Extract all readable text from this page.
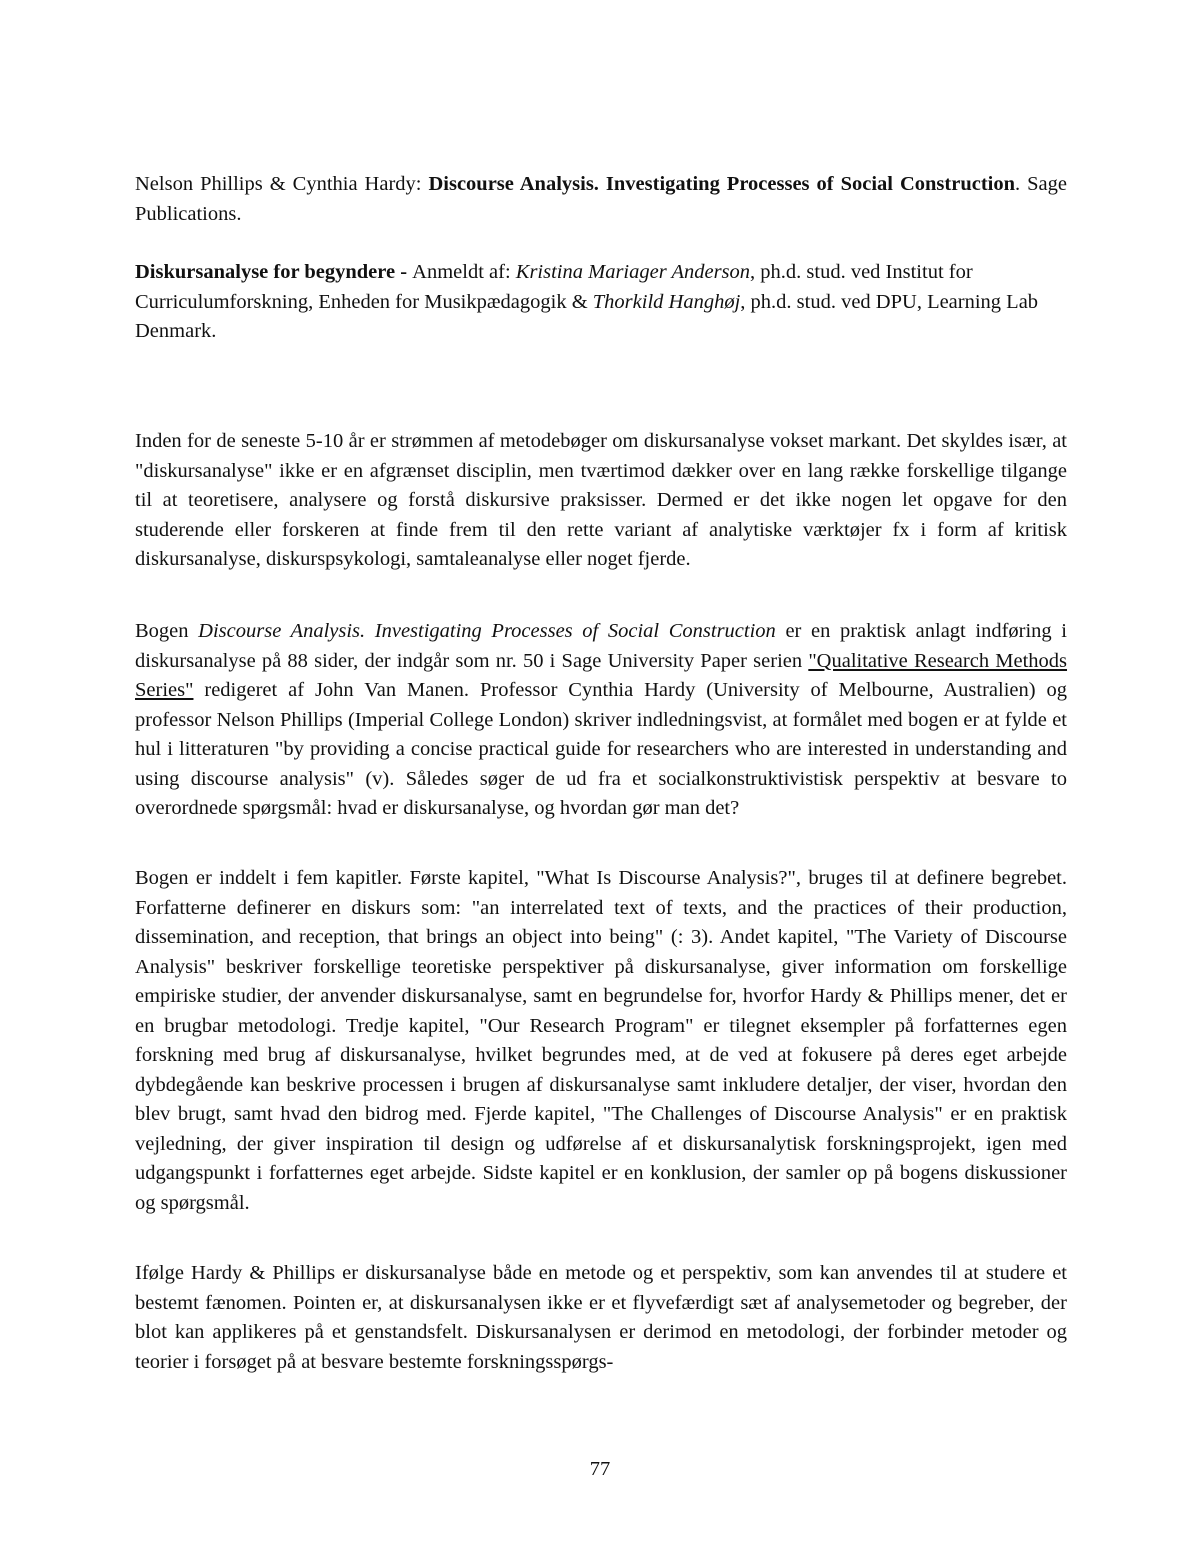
Nelson Phillips & Cynthia Hardy: Discourse Analysis. Investigating Processes of Social Construction. Sage Publications.

Diskursanalyse for begyndere - Anmeldt af: Kristina Mariager Anderson, ph.d. stud. ved Institut for Curriculumforskning, Enheden for Musikpædagogik & Thorkild Hanghøj, ph.d. stud. ved DPU, Learning Lab Denmark.

Inden for de seneste 5-10 år er strømmen af metodebøger om diskursanalyse vokset markant. Det skyldes især, at "diskursanalyse" ikke er en afgrænset disciplin, men tværtimod dækker over en lang række forskellige tilgange til at teoretisere, analysere og forstå diskursive praksisser. Dermed er det ikke nogen let opgave for den studerende eller forskeren at finde frem til den rette variant af analytiske værktøjer fx i form af kritisk diskursanalyse, diskurspsykologi, samtaleanalyse eller noget fjerde.

Bogen Discourse Analysis. Investigating Processes of Social Construction er en praktisk anlagt indføring i diskursanalyse på 88 sider, der indgår som nr. 50 i Sage University Paper serien "Qualitative Research Methods Series" redigeret af John Van Manen. Professor Cynthia Hardy (University of Melbourne, Australien) og professor Nelson Phillips (Imperial College London) skriver indledningsvist, at formålet med bogen er at fylde et hul i litteraturen "by providing a concise practical guide for researchers who are interested in understanding and using discourse analysis" (v). Således søger de ud fra et socialkonstruktivistisk perspektiv at besvare to overordnede spørgsmål: hvad er diskursanalyse, og hvordan gør man det?

Bogen er inddelt i fem kapitler. Første kapitel, "What Is Discourse Analysis?", bruges til at definere begrebet. Forfatterne definerer en diskurs som: "an interrelated text of texts, and the practices of their production, dissemination, and reception, that brings an object into being" (: 3). Andet kapitel, "The Variety of Discourse Analysis" beskriver forskellige teoretiske perspektiver på diskursanalyse, giver information om forskellige empiriske studier, der anvender diskursanalyse, samt en begrundelse for, hvorfor Hardy & Phillips mener, det er en brugbar metodologi. Tredje kapitel, "Our Research Program" er tilegnet eksempler på forfatternes egen forskning med brug af diskursanalyse, hvilket begrundes med, at de ved at fokusere på deres eget arbejde dybdegående kan beskrive processen i brugen af diskursanalyse samt inkludere detaljer, der viser, hvordan den blev brugt, samt hvad den bidrog med. Fjerde kapitel, "The Challenges of Discourse Analysis" er en praktisk vejledning, der giver inspiration til design og udførelse af et diskursanalytisk forskningsprojekt, igen med udgangspunkt i forfatternes eget arbejde. Sidste kapitel er en konklusion, der samler op på bogens diskussioner og spørgsmål.

Ifølge Hardy & Phillips er diskursanalyse både en metode og et perspektiv, som kan anvendes til at studere et bestemt fænomen. Pointen er, at diskursanalysen ikke er et flyvefærdigt sæt af analysemetoder og begreber, der blot kan applikeres på et genstandsfelt. Diskursanalysen er derimod en metodologi, der forbinder metoder og teorier i forsøget på at besvare bestemte forskningsspørgs-

77
